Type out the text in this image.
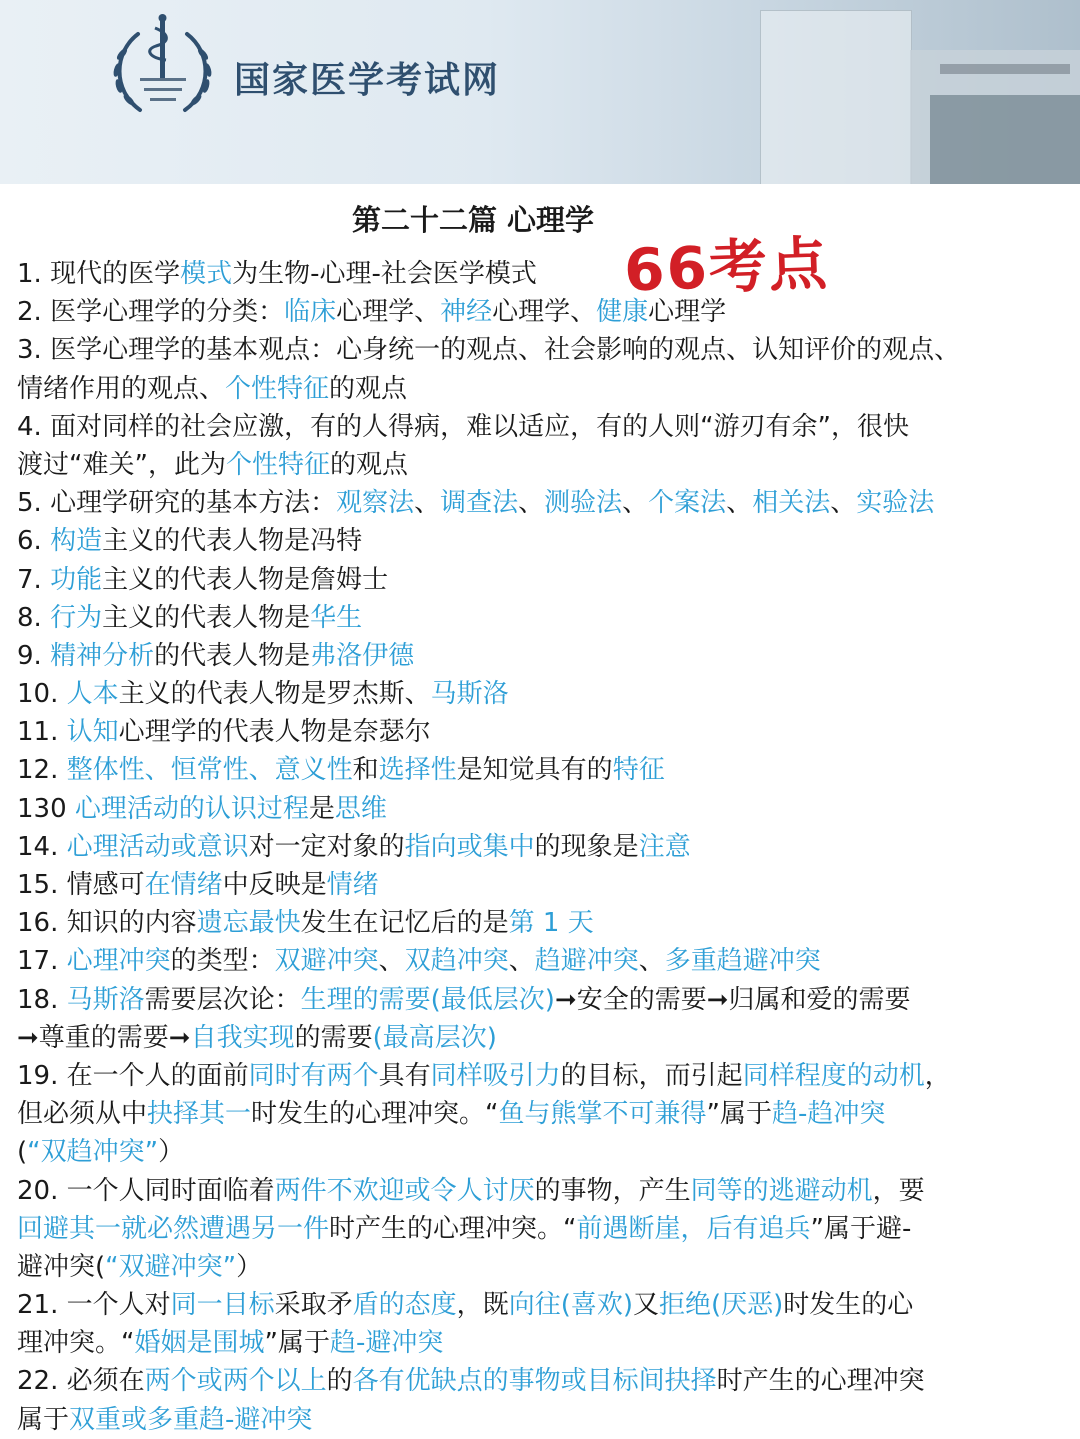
国家医学考试网
第二十二篇 心理学
66考点
1. 现代的医学模式为生物-心理-社会医学模式
2. 医学心理学的分类：临床心理学、神经心理学、健康心理学
3. 医学心理学的基本观点：心身统一的观点、社会影响的观点、认知评价的观点、
情绪作用的观点、个性特征的观点
4. 面对同样的社会应激，有的人得病，难以适应，有的人则“游刃有余”，很快
渡过“难关”，此为个性特征的观点
5. 心理学研究的基本方法：观察法、调查法、测验法、个案法、相关法、实验法
6. 构造主义的代表人物是冯特
7. 功能主义的代表人物是詹姆士
8. 行为主义的代表人物是华生
9. 精神分析的代表人物是弗洛伊德
10. 人本主义的代表人物是罗杰斯、马斯洛
11. 认知心理学的代表人物是奈瑟尔
12. 整体性、恒常性、意义性和选择性是知觉具有的特征
130 心理活动的认识过程是思维
14. 心理活动或意识对一定对象的指向或集中的现象是注意
15. 情感可在情绪中反映是情绪
16. 知识的内容遗忘最快发生在记忆后的是第 1 天
17. 心理冲突的类型：双避冲突、双趋冲突、趋避冲突、多重趋避冲突
18. 马斯洛需要层次论：生理的需要(最低层次)➞安全的需要➞归属和爱的需要
➞尊重的需要➞自我实现的需要(最高层次)
19. 在一个人的面前同时有两个具有同样吸引力的目标，而引起同样程度的动机，
但必须从中抉择其一时发生的心理冲突。“鱼与熊掌不可兼得”属于趋-趋冲突
(“双趋冲突”）
20. 一个人同时面临着两件不欢迎或令人讨厌的事物，产生同等的逃避动机，要
回避其一就必然遭遇另一件时产生的心理冲突。“前遇断崖，后有追兵”属于避-
避冲突(“双避冲突”）
21. 一个人对同一目标采取矛盾的态度，既向往(喜欢)又拒绝(厌恶)时发生的心
理冲突。“婚姻是围城”属于趋-避冲突
22. 必须在两个或两个以上的各有优缺点的事物或目标间抉择时产生的心理冲突
属于双重或多重趋-避冲突
